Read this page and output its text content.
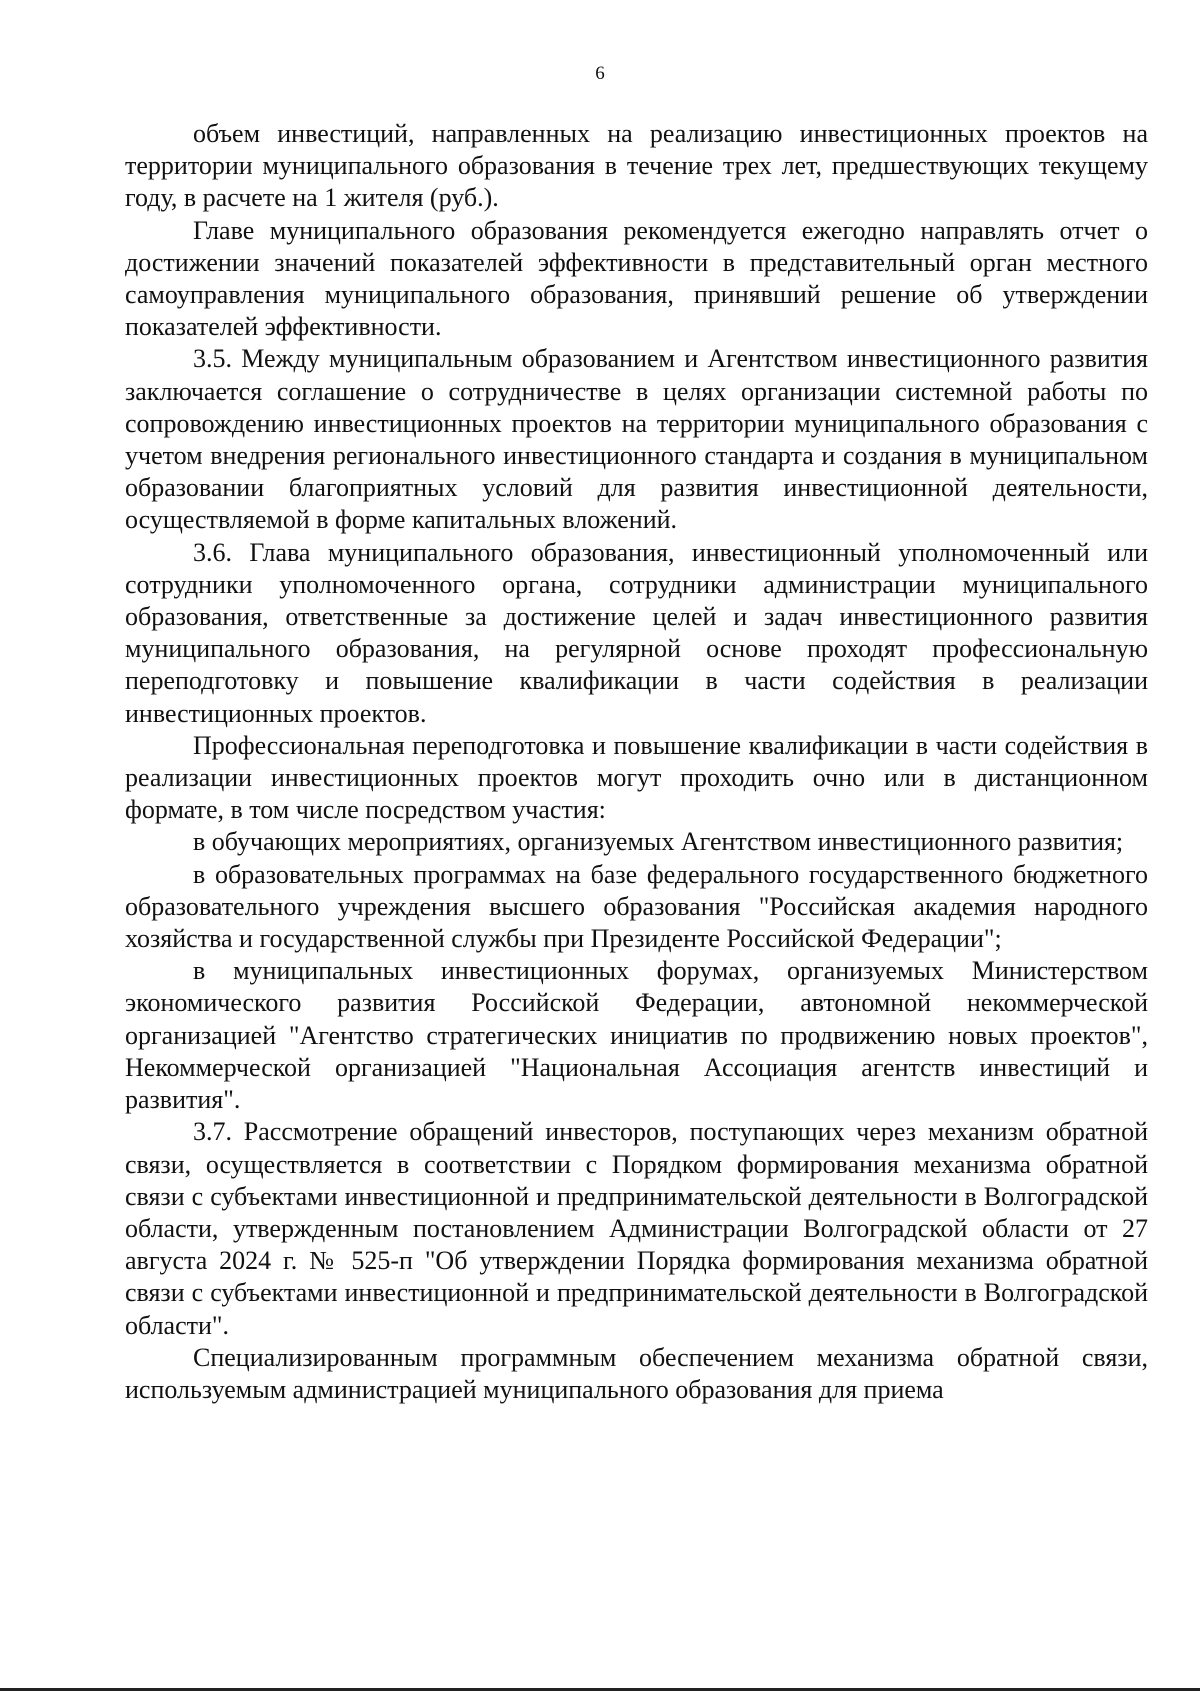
6

объем инвестиций, направленных на реализацию инвестиционных проектов на территории муниципального образования в течение трех лет, предшествующих текущему году, в расчете на 1 жителя (руб.).

Главе муниципального образования рекомендуется ежегодно направлять отчет о достижении значений показателей эффективности в представительный орган местного самоуправления муниципального образования, принявший решение об утверждении показателей эффективности.

3.5. Между муниципальным образованием и Агентством инвестиционного развития заключается соглашение о сотрудничестве в целях организации системной работы по сопровождению инвестиционных проектов на территории муниципального образования с учетом внедрения регионального инвестиционного стандарта и создания в муниципальном образовании благоприятных условий для развития инвестиционной деятельности, осуществляемой в форме капитальных вложений.

3.6. Глава муниципального образования, инвестиционный уполномоченный или сотрудники уполномоченного органа, сотрудники администрации муниципального образования, ответственные за достижение целей и задач инвестиционного развития муниципального образования, на регулярной основе проходят профессиональную переподготовку и повышение квалификации в части содействия в реализации инвестиционных проектов.

Профессиональная переподготовка и повышение квалификации в части содействия в реализации инвестиционных проектов могут проходить очно или в дистанционном формате, в том числе посредством участия:

в обучающих мероприятиях, организуемых Агентством инвестиционного развития;

в образовательных программах на базе федерального государственного бюджетного образовательного учреждения высшего образования "Российская академия народного хозяйства и государственной службы при Президенте Российской Федерации";

в муниципальных инвестиционных форумах, организуемых Министерством экономического развития Российской Федерации, автономной некоммерческой организацией "Агентство стратегических инициатив по продвижению новых проектов", Некоммерческой организацией "Национальная Ассоциация агентств инвестиций и развития".

3.7. Рассмотрение обращений инвесторов, поступающих через механизм обратной связи, осуществляется в соответствии с Порядком формирования механизма обратной связи с субъектами инвестиционной и предпринимательской деятельности в Волгоградской области, утвержденным постановлением Администрации Волгоградской области от 27 августа 2024 г. № 525-п "Об утверждении Порядка формирования механизма обратной связи с субъектами инвестиционной и предпринимательской деятельности в Волгоградской области".

Специализированным программным обеспечением механизма обратной связи, используемым администрацией муниципального образования для приема
